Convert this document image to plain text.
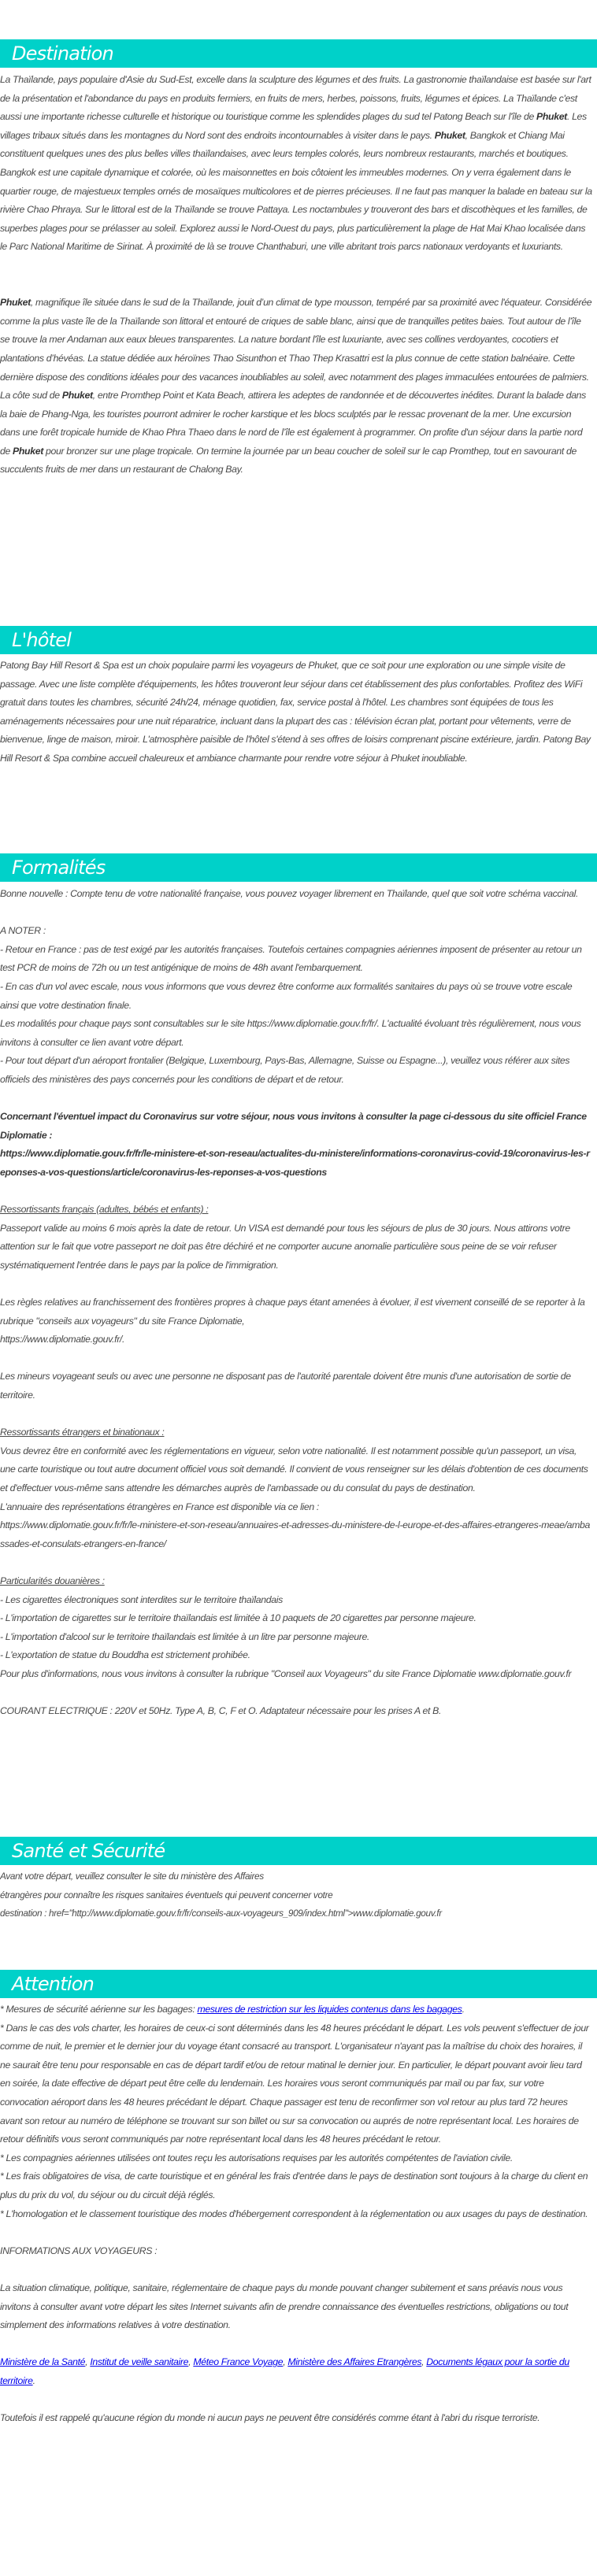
Destination

La Thaïlande, pays populaire d'Asie du Sud-Est, excelle dans la sculpture des légumes et des fruits. La gastronomie thaïlandaise est basée sur l'art de la présentation et l'abondance du pays en produits fermiers, en fruits de mers, herbes, poissons, fruits, légumes et épices. La Thaïlande c'est aussi une importante richesse culturelle et historique ou touristique comme les splendides plages du sud tel Patong Beach sur l'île de Phuket. Les villages tribaux situés dans les montagnes du Nord sont des endroits incontournables à visiter dans le pays. Phuket, Bangkok et Chiang Mai constituent quelques unes des plus belles villes thaïlandaises, avec leurs temples colorés, leurs nombreux restaurants, marchés et boutiques. Bangkok est une capitale dynamique et colorée, où les maisonnettes en bois côtoient les immeubles modernes. On y verra également dans le quartier rouge, de majestueux temples ornés de mosaïques multicolores et de pierres précieuses. Il ne faut pas manquer la balade en bateau sur la rivière Chao Phraya. Sur le littoral est de la Thaïlande se trouve Pattaya. Les noctambules y trouveront des bars et discothèques et les familles, de superbes plages pour se prélasser au soleil. Explorez aussi le Nord-Ouest du pays, plus particulièrement la plage de Hat Mai Khao localisée dans le Parc National Maritime de Sirinat. À proximité de là se trouve Chanthaburi, une ville abritant trois parcs nationaux verdoyants et luxuriants.

Phuket, magnifique île située dans le sud de la Thaïlande, jouit d’un climat de type mousson, tempéré par sa proximité avec l'équateur. Considérée comme la plus vaste île de la Thaïlande son littoral et entouré de criques de sable blanc, ainsi que de tranquilles petites baies. Tout autour de l’île se trouve la mer Andaman aux eaux bleues transparentes. La nature bordant l'île est luxuriante, avec ses collines verdoyantes, cocotiers et plantations d’hévéas. La statue dédiée aux héroïnes Thao Sisunthon et Thao Thep Krasattri est la plus connue de cette station balnéaire. Cette dernière dispose des conditions idéales pour des vacances inoubliables au soleil, avec notamment des plages immaculées entourées de palmiers. La côte sud de Phuket, entre Promthep Point et Kata Beach, attirera les adeptes de randonnée et de découvertes inédites. Durant la balade dans la baie de Phang-Nga, les touristes pourront admirer le rocher karstique et les blocs sculptés par le ressac provenant de la mer. Une excursion dans une forêt tropicale humide de Khao Phra Thaeo dans le nord de l’île est également à programmer. On profite d'un séjour dans la partie nord de Phuket pour bronzer sur une plage tropicale. On termine la journée par un beau coucher de soleil sur le cap Promthep, tout en savourant de succulents fruits de mer dans un restaurant de Chalong Bay.

L'hôtel

Patong Bay Hill Resort & Spa est un choix populaire parmi les voyageurs de Phuket, que ce soit pour une exploration ou une simple visite de passage. Avec une liste complète d'équipements, les hôtes trouveront leur séjour dans cet établissement des plus confortables. Profitez des WiFi gratuit dans toutes les chambres, sécurité 24h/24, ménage quotidien, fax, service postal à l'hôtel. Les chambres sont équipées de tous les aménagements nécessaires pour une nuit réparatrice, incluant dans la plupart des cas : télévision écran plat, portant pour vêtements, verre de bienvenue, linge de maison, miroir. L'atmosphère paisible de l'hôtel s'étend à ses offres de loisirs comprenant piscine extérieure, jardin. Patong Bay Hill Resort & Spa combine accueil chaleureux et ambiance charmante pour rendre votre séjour à Phuket inoubliable.

Formalités

Bonne nouvelle : Compte tenu de votre nationalité française, vous pouvez voyager librement en Thaïlande, quel que soit votre schéma vaccinal.

A NOTER :

- Retour en France : pas de test exigé par les autorités françaises. Toutefois certaines compagnies aériennes imposent de présenter au retour un test PCR de moins de 72h ou un test antigénique de moins de 48h avant l'embarquement.

- En cas d'un vol avec escale, nous vous informons que vous devrez être conforme aux formalités sanitaires du pays où se trouve votre escale ainsi que votre destination finale.

Les modalités pour chaque pays sont consultables sur le site https://www.diplomatie.gouv.fr/fr/. L'actualité évoluant très régulièrement, nous vous invitons à consulter ce lien avant votre départ.

- Pour tout départ d'un aéroport frontalier (Belgique, Luxembourg, Pays-Bas, Allemagne, Suisse ou Espagne...), veuillez vous référer aux sites officiels des ministères des pays concernés pour les conditions de départ et de retour.

Concernant l'éventuel impact du Coronavirus sur votre séjour, nous vous invitons à consulter la page ci-dessous du site officiel France Diplomatie :
https://www.diplomatie.gouv.fr/fr/le-ministere-et-son-reseau/actualites-du-ministere/informations-coronavirus-covid-19/coronavirus-les-reponses-a-vos-questions/article/coronavirus-les-reponses-a-vos-questions

Ressortissants français (adultes, bébés et enfants) :

Passeport valide au moins 6 mois après la date de retour. Un VISA est demandé pour tous les séjours de plus de 30 jours. Nous attirons votre attention sur le fait que votre passeport ne doit pas être déchiré et ne comporter aucune anomalie particulière sous peine de se voir refuser systématiquement l'entrée dans le pays par la police de l'immigration.

Les règles relatives au franchissement des frontières propres à chaque pays étant amenées à évoluer, il est vivement conseillé de se reporter à la rubrique "conseils aux voyageurs" du site France Diplomatie,
https://www.diplomatie.gouv.fr/.

Les mineurs voyageant seuls ou avec une personne ne disposant pas de l'autorité parentale doivent être munis d'une autorisation de sortie de territoire.

Ressortissants étrangers et binationaux :

Vous devrez être en conformité avec les réglementations en vigueur, selon votre nationalité. Il est notamment possible qu'un passeport, un visa, une carte touristique ou tout autre document officiel vous soit demandé. Il convient de vous renseigner sur les délais d'obtention de ces documents et d'effectuer vous-même sans attendre les démarches auprès de l'ambassade ou du consulat du pays de destination.

L'annuaire des représentations étrangères en France est disponible via ce lien :

https://www.diplomatie.gouv.fr/fr/le-ministere-et-son-reseau/annuaires-et-adresses-du-ministere-de-l-europe-et-des-affaires-etrangeres-meae/ambassades-et-consulats-etrangers-en-france/

Particularités douanières :

- Les cigarettes électroniques sont interdites sur le territoire thaïlandais

- L'importation de cigarettes sur le territoire thaïlandais est limitée à 10 paquets de 20 cigarettes par personne majeure.

- L'importation d'alcool sur le territoire thaïlandais est limitée à un litre par personne majeure.

- L'exportation de statue du Bouddha est strictement prohibée.

Pour plus d'informations, nous vous invitons à consulter la rubrique "Conseil aux Voyageurs" du site France Diplomatie www.diplomatie.gouv.fr

COURANT ELECTRIQUE : 220V et 50Hz. Type A, B, C, F et O. Adaptateur nécessaire pour les prises A et B.

Santé et Sécurité

Avant votre départ, veuillez consulter le site du ministère des Affaires

étrangères pour connaître les risques sanitaires éventuels qui peuvent concerner votre

destination : href="http://www.diplomatie.gouv.fr/fr/conseils-aux-voyageurs_909/index.html">www.diplomatie.gouv.fr

Attention

* Mesures de sécurité aérienne sur les bagages: mesures de restriction sur les liquides contenus dans les bagages.

* Dans le cas des vols charter, les horaires de ceux-ci sont déterminés dans les 48 heures précédant le départ. Les vols peuvent s'effectuer de jour comme de nuit, le premier et le dernier jour du voyage étant consacré au transport. L'organisateur n'ayant pas la maîtrise du choix des horaires, il ne saurait être tenu pour responsable en cas de départ tardif et/ou de retour matinal le dernier jour. En particulier, le départ pouvant avoir lieu tard en soirée, la date effective de départ peut être celle du lendemain. Les horaires vous seront communiqués par mail ou par fax, sur votre convocation aéroport dans les 48 heures précédant le départ. Chaque passager est tenu de reconfirmer son vol retour au plus tard 72 heures avant son retour au numéro de téléphone se trouvant sur son billet ou sur sa convocation ou auprés de notre représentant local. Les horaires de retour définitifs vous seront communiqués par notre représentant local dans les 48 heures précédant le retour.

* Les compagnies aériennes utilisées ont toutes reçu les autorisations requises par les autorités compétentes de l'aviation civile.

* Les frais obligatoires de visa, de carte touristique et en général les frais d'entrée dans le pays de destination sont toujours à la charge du client en plus du prix du vol, du séjour ou du circuit déjà réglés.

* L'homologation et le classement touristique des modes d'hébergement correspondent à la réglementation ou aux usages du pays de destination.

INFORMATIONS AUX VOYAGEURS :

La situation climatique, politique, sanitaire, réglementaire de chaque pays du monde pouvant changer subitement et sans préavis nous vous invitons à consulter avant votre départ les sites Internet suivants afin de prendre connaissance des éventuelles restrictions, obligations ou tout simplement des informations relatives à votre destination.

Ministère de la Santé, Institut de veille sanitaire, Méteo France Voyage, Ministère des Affaires Etrangères, Documents légaux pour la sortie du territoire.

Toutefois il est rappelé qu'aucune région du monde ni aucun pays ne peuvent être considérés comme étant à l'abri du risque terroriste.
